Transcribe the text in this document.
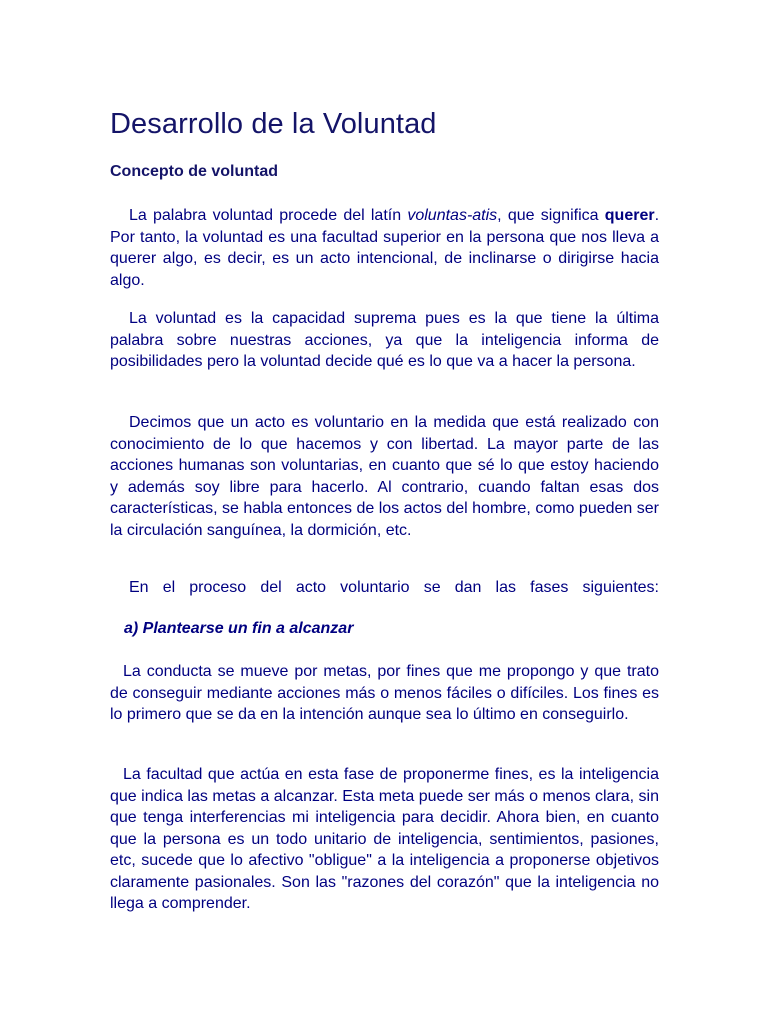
Desarrollo de la Voluntad
Concepto de voluntad

La palabra voluntad procede del latín voluntas-atis, que significa querer. Por tanto, la voluntad es una facultad superior en la persona que nos lleva a querer algo, es decir, es un acto intencional, de inclinarse o dirigirse hacia algo.

La voluntad es la capacidad suprema pues es la que tiene la última palabra sobre nuestras acciones, ya que la inteligencia informa de posibilidades pero la voluntad decide qué es lo que va a hacer la persona.

Decimos que un acto es voluntario en la medida que está realizado con conocimiento de lo que hacemos y con libertad. La mayor parte de las acciones humanas son voluntarias, en cuanto que sé lo que estoy haciendo y además soy libre para hacerlo. Al contrario, cuando faltan esas dos características, se habla entonces de los actos del hombre, como pueden ser la circulación sanguínea, la dormición, etc.

En el proceso del acto voluntario se dan las fases siguientes:

a) Plantearse un fin a alcanzar

La conducta se mueve por metas, por fines que me propongo y que trato de conseguir mediante acciones más o menos fáciles o difíciles. Los fines es lo primero que se da en la intención aunque sea lo último en conseguirlo.

La facultad que actúa en esta fase de proponerme fines, es la inteligencia que indica las metas a alcanzar. Esta meta puede ser más o menos clara, sin que tenga interferencias mi inteligencia para decidir. Ahora bien, en cuanto que la persona es un todo unitario de inteligencia, sentimientos, pasiones, etc, sucede que lo afectivo "obligue" a la inteligencia a proponerse objetivos claramente pasionales. Son las "razones del corazón" que la inteligencia no llega a comprender.
